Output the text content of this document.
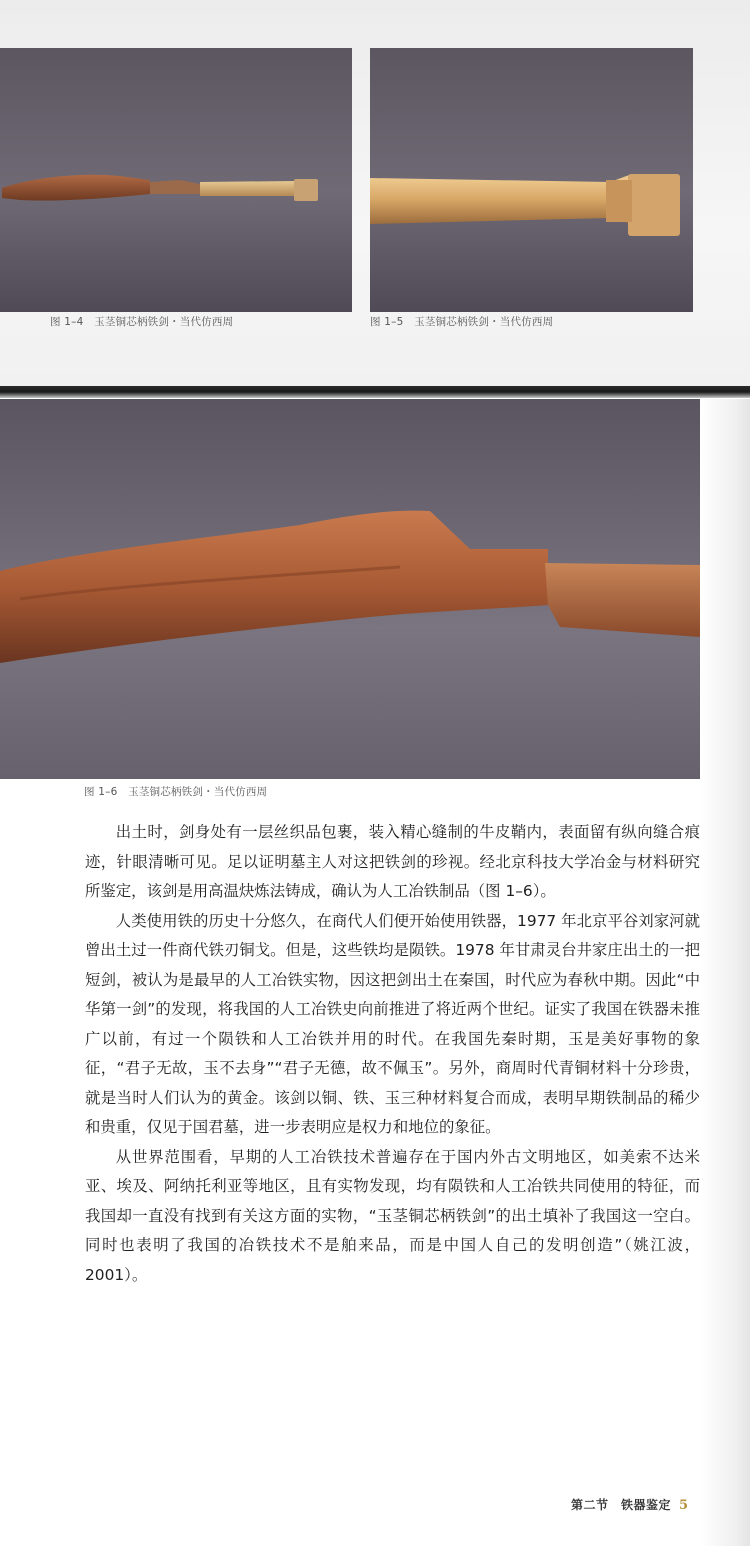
图 1–4　玉茎铜芯柄铁剑・当代仿西周	图 1–5　玉茎铜芯柄铁剑・当代仿西周
图 1–6　玉茎铜芯柄铁剑・当代仿西周

出土时，剑身处有一层丝织品包裹，装入精心缝制的牛皮鞘内，表面留有纵向缝合痕迹，针眼清晰可见。足以证明墓主人对这把铁剑的珍视。经北京科技大学冶金与材料研究所鉴定，该剑是用高温炔炼法铸成，确认为人工冶铁制品（图 1–6）。

人类使用铁的历史十分悠久，在商代人们便开始使用铁器，1977 年北京平谷刘家河就曾出土过一件商代铁刃铜戈。但是，这些铁均是陨铁。1978 年甘肃灵台井家庄出土的一把短剑，被认为是最早的人工冶铁实物，因这把剑出土在秦国，时代应为春秋中期。因此“中华第一剑”的发现，将我国的人工冶铁史向前推进了将近两个世纪。证实了我国在铁器未推广以前，有过一个陨铁和人工冶铁并用的时代。在我国先秦时期，玉是美好事物的象征，“君子无故，玉不去身”“君子无德，故不佩玉”。另外，商周时代青铜材料十分珍贵，就是当时人们认为的黄金。该剑以铜、铁、玉三种材料复合而成，表明早期铁制品的稀少和贵重，仅见于国君墓，进一步表明应是权力和地位的象征。

从世界范围看，早期的人工冶铁技术普遍存在于国内外古文明地区，如美索不达米亚、埃及、阿纳托利亚等地区，且有实物发现，均有陨铁和人工冶铁共同使用的特征，而我国却一直没有找到有关这方面的实物，“玉茎铜芯柄铁剑”的出土填补了我国这一空白。同时也表明了我国的冶铁技术不是舶来品，而是中国人自己的发明创造”（姚江波，2001）。

第二节　铁器鉴定 5
